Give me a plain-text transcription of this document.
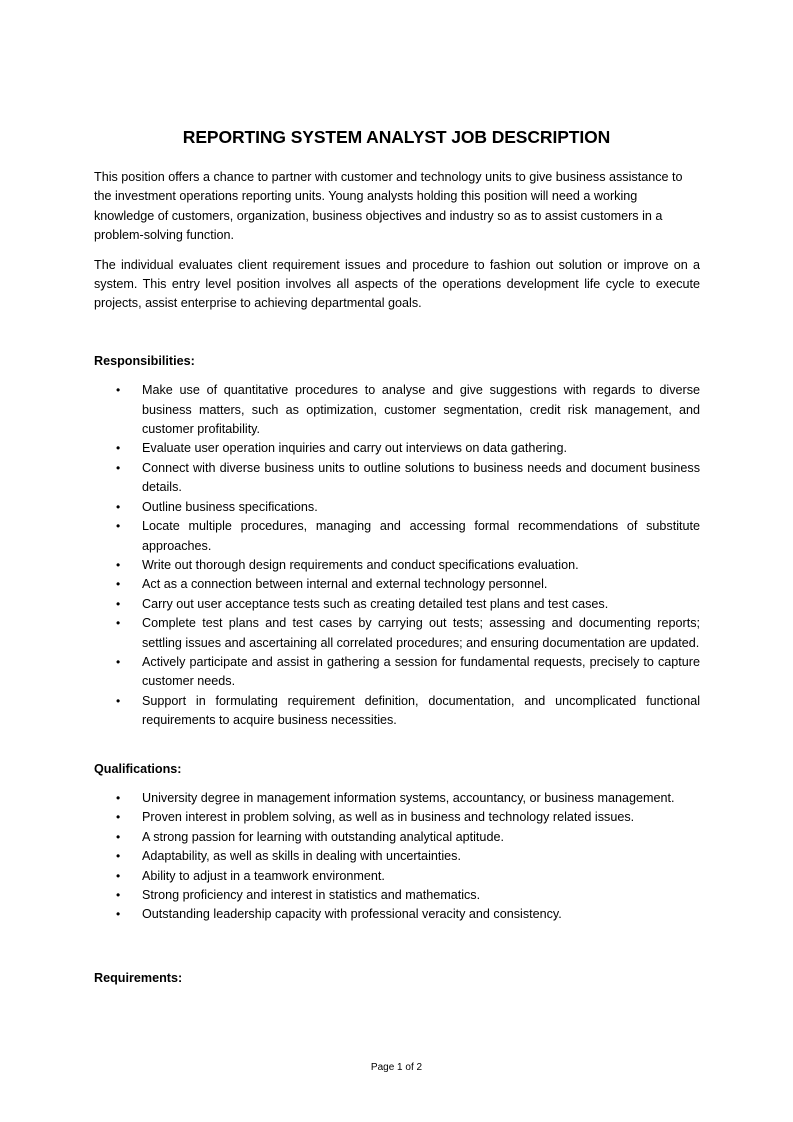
REPORTING SYSTEM ANALYST JOB DESCRIPTION

This position offers a chance to partner with customer and technology units to give business assistance to the investment operations reporting units. Young analysts holding this position will need a working knowledge of customers, organization, business objectives and industry so as to assist customers in a problem-solving function.

The individual evaluates client requirement issues and procedure to fashion out solution or improve on a system. This entry level position involves all aspects of the operations development life cycle to execute projects, assist enterprise to achieving departmental goals.

Responsibilities:

• Make use of quantitative procedures to analyse and give suggestions with regards to diverse business matters, such as optimization, customer segmentation, credit risk management, and customer profitability.
• Evaluate user operation inquiries and carry out interviews on data gathering.
• Connect with diverse business units to outline solutions to business needs and document business details.
• Outline business specifications.
• Locate multiple procedures, managing and accessing formal recommendations of substitute approaches.
• Write out thorough design requirements and conduct specifications evaluation.
• Act as a connection between internal and external technology personnel.
• Carry out user acceptance tests such as creating detailed test plans and test cases.
• Complete test plans and test cases by carrying out tests; assessing and documenting reports; settling issues and ascertaining all correlated procedures; and ensuring documentation are updated.
• Actively participate and assist in gathering a session for fundamental requests, precisely to capture customer needs.
• Support in formulating requirement definition, documentation, and uncomplicated functional requirements to acquire business necessities.

Qualifications:

• University degree in management information systems, accountancy, or business management.
• Proven interest in problem solving, as well as in business and technology related issues.
• A strong passion for learning with outstanding analytical aptitude.
• Adaptability, as well as skills in dealing with uncertainties.
• Ability to adjust in a teamwork environment.
• Strong proficiency and interest in statistics and mathematics.
• Outstanding leadership capacity with professional veracity and consistency.

Requirements:

Page 1 of 2
